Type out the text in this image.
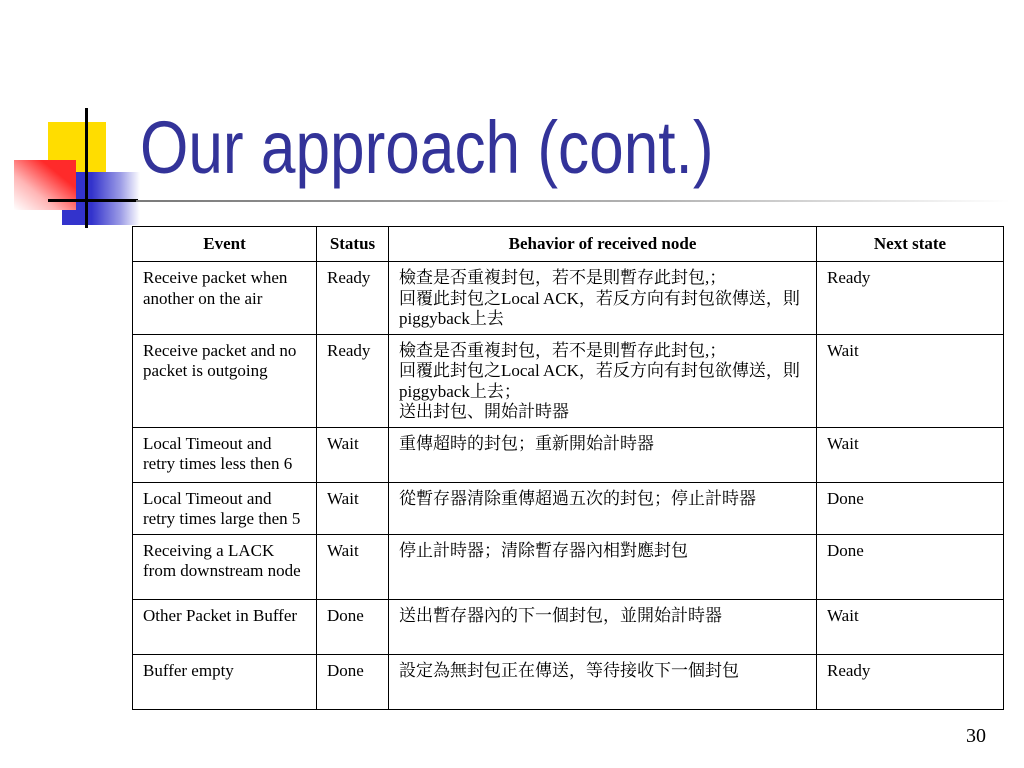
Our approach (cont.)
Event	Status	Behavior of received node	Next state
Receive packet when another on the air	Ready	檢查是否重複封包，若不是則暫存此封包,；
回覆此封包之Local ACK，若反方向有封包欲傳送，則
piggyback上去	Ready
Receive packet and no packet is outgoing	Ready	檢查是否重複封包，若不是則暫存此封包,；
回覆此封包之Local ACK，若反方向有封包欲傳送，則
piggyback上去；
送出封包、開始計時器	Wait
Local Timeout and retry times less then 6	Wait	重傳超時的封包；重新開始計時器	Wait
Local Timeout and retry times large then 5	Wait	從暫存器清除重傳超過五次的封包；停止計時器	Done
Receiving a LACK from downstream node	Wait	停止計時器；清除暫存器內相對應封包	Done
Other Packet in Buffer	Done	送出暫存器內的下一個封包，並開始計時器	Wait
Buffer empty	Done	設定為無封包正在傳送，等待接收下一個封包	Ready
30
